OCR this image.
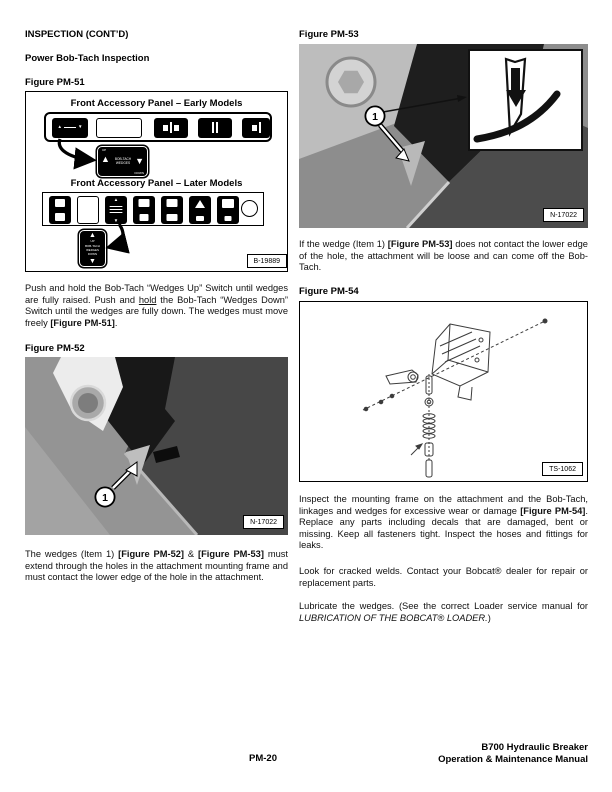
INSPECTION (CONT’D)
Power Bob-Tach Inspection
Figure PM-51
Front Accessory Panel – Early Models
▲	▼
UP
▲	BOB-TACH WEDGES ▼
DOWN
Front Accessory Panel – Later Models
▲
▼
▲
UP
BOB-TACH WEDGES
DOWN
▼	B-19889

Push and hold the Bob-Tach “Wedges Up” Switch until wedges are fully raised. Push and hold the Bob-Tach “Wedges Down” Switch until the wedges are fully down. The wedges must move freely [Figure PM-51].

Figure PM-52
1
N-17022

The wedges (Item 1) [Figure PM-52] & [Figure PM-53] must extend through the holes in the attachment mounting frame and must contact the lower edge of the hole in the attachment.

Figure PM-53
1
N-17022

If the wedge (Item 1) [Figure PM-53] does not contact the lower edge of the hole, the attachment will be loose and can come off the Bob-Tach.

Figure PM-54
TS-1062

Inspect the mounting frame on the attachment and the Bob-Tach, linkages and wedges for excessive wear or damage [Figure PM-54]. Replace any parts including decals that are damaged, bent or missing. Keep all fasteners tight. Inspect the hoses and fittings for leaks.

Look for cracked welds. Contact your Bobcat® dealer for repair or replacement parts.

Lubricate the wedges. (See the correct Loader service manual for LUBRICATION OF THE BOBCAT® LOADER.)

PM-20
B700 Hydraulic Breaker
Operation & Maintenance Manual
